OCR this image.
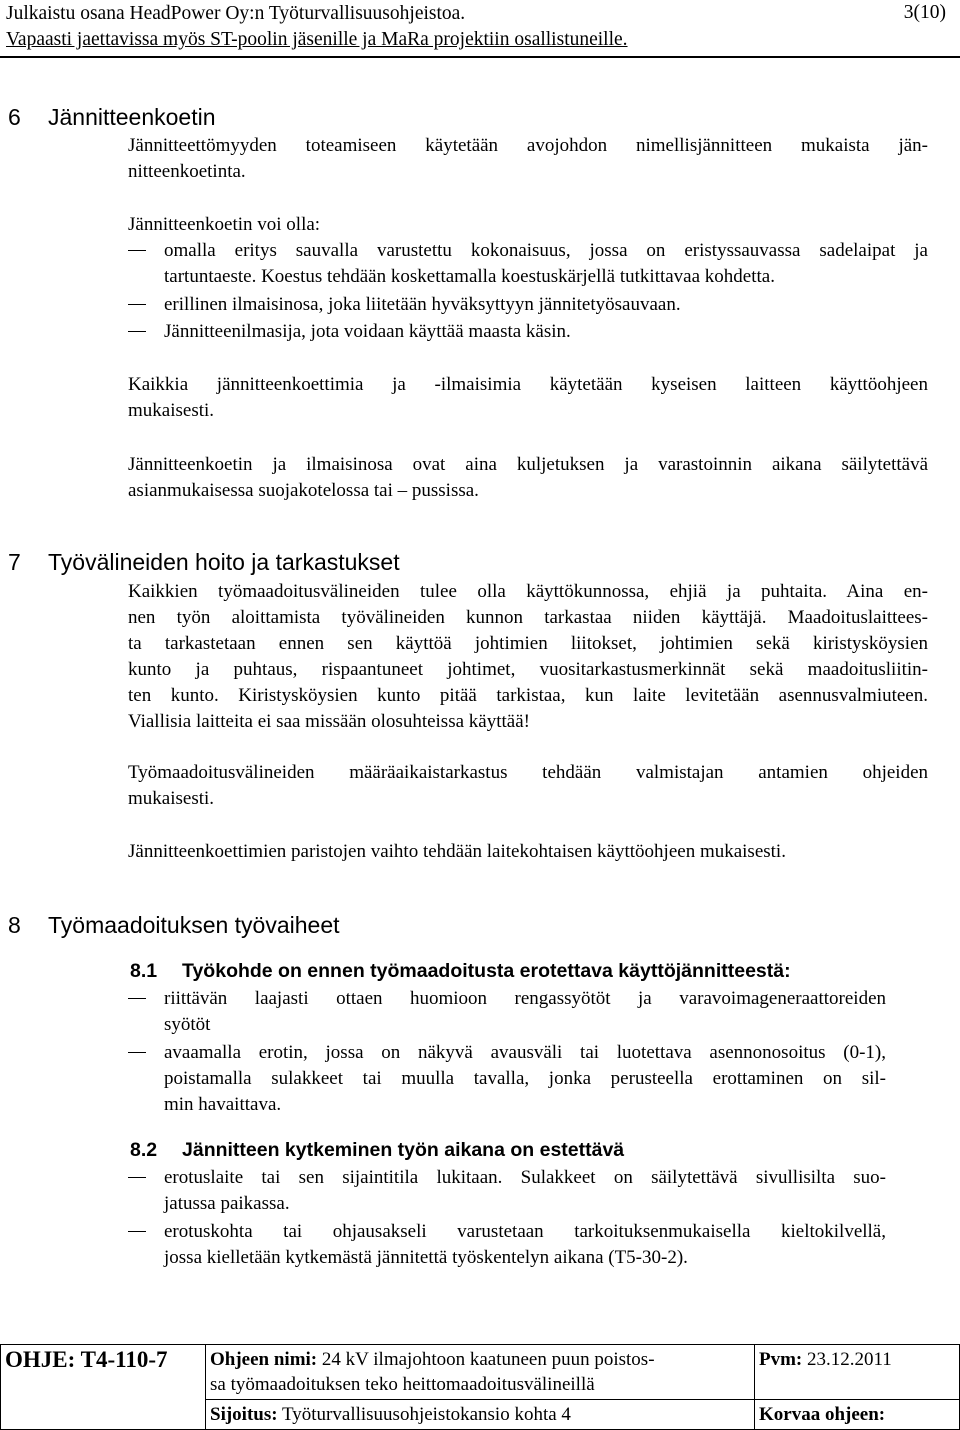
Julkaistu osana HeadPower Oy:n Työturvallisuusohjeistoa.	3(10)
Vapaasti jaettavissa myös ST-poolin jäsenille ja MaRa projektiin osallistuneille.
6 Jännitteenkoetin
Jännitteettömyyden toteamiseen käytetään avojohdon nimellisjännitteen mukaista jän-
nitteenkoetinta.
Jännitteenkoetin voi olla:
omalla eritys sauvalla varustettu kokonaisuus, jossa on eristyssauvassa sadelaipat ja
tartuntaeste. Koestus tehdään koskettamalla koestuskärjellä tutkittavaa kohdetta.
erillinen ilmaisinosa, joka liitetään hyväksyttyyn jännitetyösauvaan.
Jännitteenilmasija, jota voidaan käyttää maasta käsin.
Kaikkia jännitteenkoettimia ja -ilmaisimia käytetään kyseisen laitteen käyttöohjeen
mukaisesti.
Jännitteenkoetin ja ilmaisinosa ovat aina kuljetuksen ja varastoinnin aikana säilytettävä
asianmukaisessa suojakotelossa tai – pussissa.
7 Työvälineiden hoito ja tarkastukset
Kaikkien työmaadoitusvälineiden tulee olla käyttökunnossa, ehjiä ja puhtaita. Aina en-
nen työn aloittamista työvälineiden kunnon tarkastaa niiden käyttäjä. Maadoituslaittees-
ta tarkastetaan ennen sen käyttöä johtimien liitokset, johtimien sekä kiristysköysien
kunto ja puhtaus, rispaantuneet johtimet, vuositarkastusmerkinnät sekä maadoitusliitin-
ten kunto. Kiristysköysien kunto pitää tarkistaa, kun laite levitetään asennusvalmiuteen.
Viallisia laitteita ei saa missään olosuhteissa käyttää!
Työmaadoitusvälineiden määräaikaistarkastus tehdään valmistajan antamien ohjeiden
mukaisesti.
Jännitteenkoettimien paristojen vaihto tehdään laitekohtaisen käyttöohjeen mukaisesti.
8 Työmaadoituksen työvaiheet
8.1 Työkohde on ennen työmaadoitusta erotettava käyttöjännitteestä:
riittävän laajasti ottaen huomioon rengassyötöt ja varavoimageneraattoreiden
syötöt
avaamalla erotin, jossa on näkyvä avausväli tai luotettava asennonosoitus (0-1),
poistamalla sulakkeet tai muulla tavalla, jonka perusteella erottaminen on sil-
min havaittava.
8.2 Jännitteen kytkeminen työn aikana on estettävä
erotuslaite tai sen sijaintitila lukitaan. Sulakkeet on säilytettävä sivullisilta suo-
jatussa paikassa.
erotuskohta tai ohjausakseli varustetaan tarkoituksenmukaisella kieltokilvellä,
jossa kielletään kytkemästä jännitettä työskentelyn aikana (T5-30-2).
OHJE: T4-110-7	Ohjeen nimi: 24 kV ilmajohtoon kaatuneen puun poistos-
sa työmaadoituksen teko heittomaadoitusvälineillä	Pvm: 23.12.2011
	Sijoitus: Työturvallisuusohjeistokansio kohta 4	Korvaa ohjeen:
